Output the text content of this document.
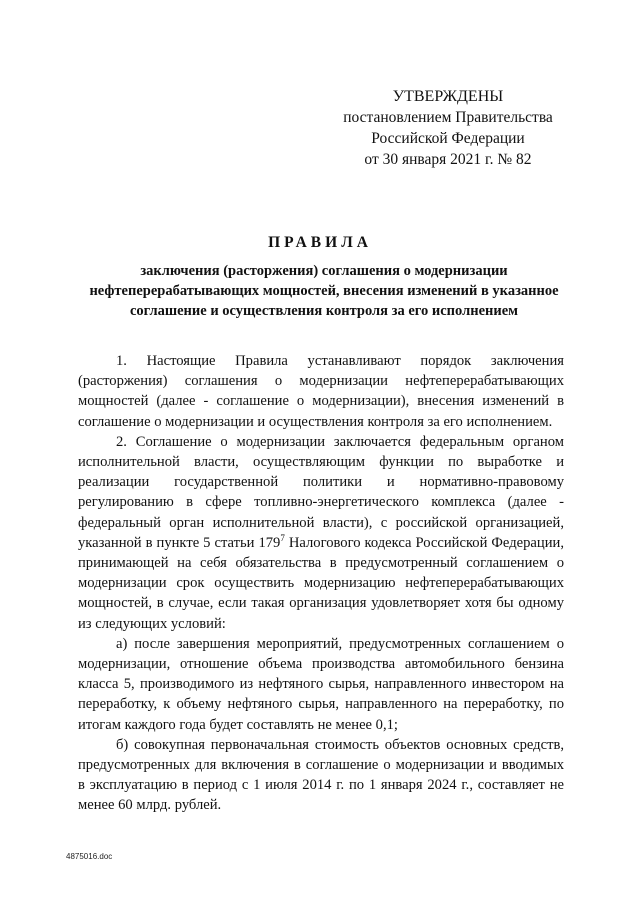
УТВЕРЖДЕНЫ
постановлением Правительства
Российской Федерации
от 30 января 2021 г. № 82
ПРАВИЛА
заключения (расторжения) соглашения о модернизации
нефтеперерабатывающих мощностей, внесения изменений в указанное
соглашение и осуществления контроля за его исполнением

1. Настоящие Правила устанавливают порядок заключения (расторжения) соглашения о модернизации нефтеперерабатывающих мощностей (далее - соглашение о модернизации), внесения изменений в соглашение о модернизации и осуществления контроля за его исполнением.

2. Соглашение о модернизации заключается федеральным органом исполнительной власти, осуществляющим функции по выработке и реализации государственной политики и нормативно-правовому регулированию в сфере топливно-энергетического комплекса (далее - федеральный орган исполнительной власти), с российской организацией, указанной в пункте 5 статьи $179^7$ Налогового кодекса Российской Федерации, принимающей на себя обязательства в предусмотренный соглашением о модернизации срок осуществить модернизацию нефтеперерабатывающих мощностей, в случае, если такая организация удовлетворяет хотя бы одному из следующих условий:

а) после завершения мероприятий, предусмотренных соглашением о модернизации, отношение объема производства автомобильного бензина класса 5, производимого из нефтяного сырья, направленного инвестором на переработку, к объему нефтяного сырья, направленного на переработку, по итогам каждого года будет составлять не менее 0,1;

б) совокупная первоначальная стоимость объектов основных средств, предусмотренных для включения в соглашение о модернизации и вводимых в эксплуатацию в период с 1 июля 2014 г. по 1 января 2024 г., составляет не менее 60 млрд. рублей.

4875016.doc
